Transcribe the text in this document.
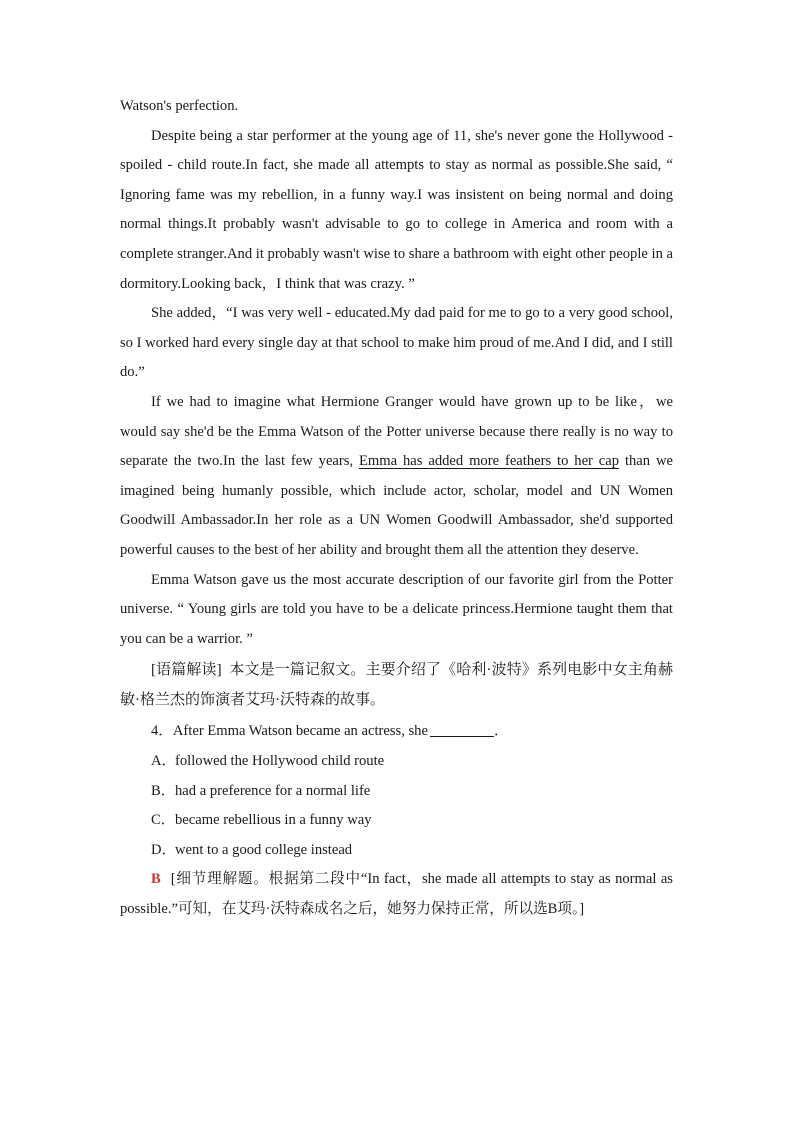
Watson's perfection.

Despite being a star performer at the young age of 11, she's never gone the Hollywood - spoiled - child route.In fact, she made all attempts to stay as normal as possible.She said, “ Ignoring fame was my rebellion, in a funny way.I was insistent on being normal and doing normal things.It probably wasn't advisable to go to college in America and room with a complete stranger.And it probably wasn't wise to share a bathroom with eight other people in a dormitory.Looking back，I think that was crazy. ”

She added，“I was very well - educated.My dad paid for me to go to a very good school, so I worked hard every single day at that school to make him proud of me.And I did, and I still do.”

If we had to imagine what Hermione Granger would have grown up to be like，we would say she'd be the Emma Watson of the Potter universe because there really is no way to separate the two.In the last few years, Emma has added more feathers to her cap than we imagined being humanly possible, which include actor, scholar, model and UN Women Goodwill Ambassador.In her role as a UN Women Goodwill Ambassador, she'd supported powerful causes to the best of her ability and brought them all the attention they deserve.

Emma Watson gave us the most accurate description of our favorite girl from the Potter universe. “ Young girls are told you have to be a delicate princess.Hermione taught them that you can be a warrior. ”

[语篇解读] 本文是一篇记叙文。主要介绍了《哈利·波特》系列电影中女主角赫敏·格兰杰的饰演者艾玛·沃特森的故事。

4．After Emma Watson became an actress, she	．

A．followed the Hollywood child route

B．had a preference for a normal life

C．became rebellious in a funny way

D．went to a good college instead

B [细节理解题。根据第二段中“In fact，she made all attempts to stay as normal as possible.”可知，在艾玛·沃特森成名之后，她努力保持正常，所以选B项。]
